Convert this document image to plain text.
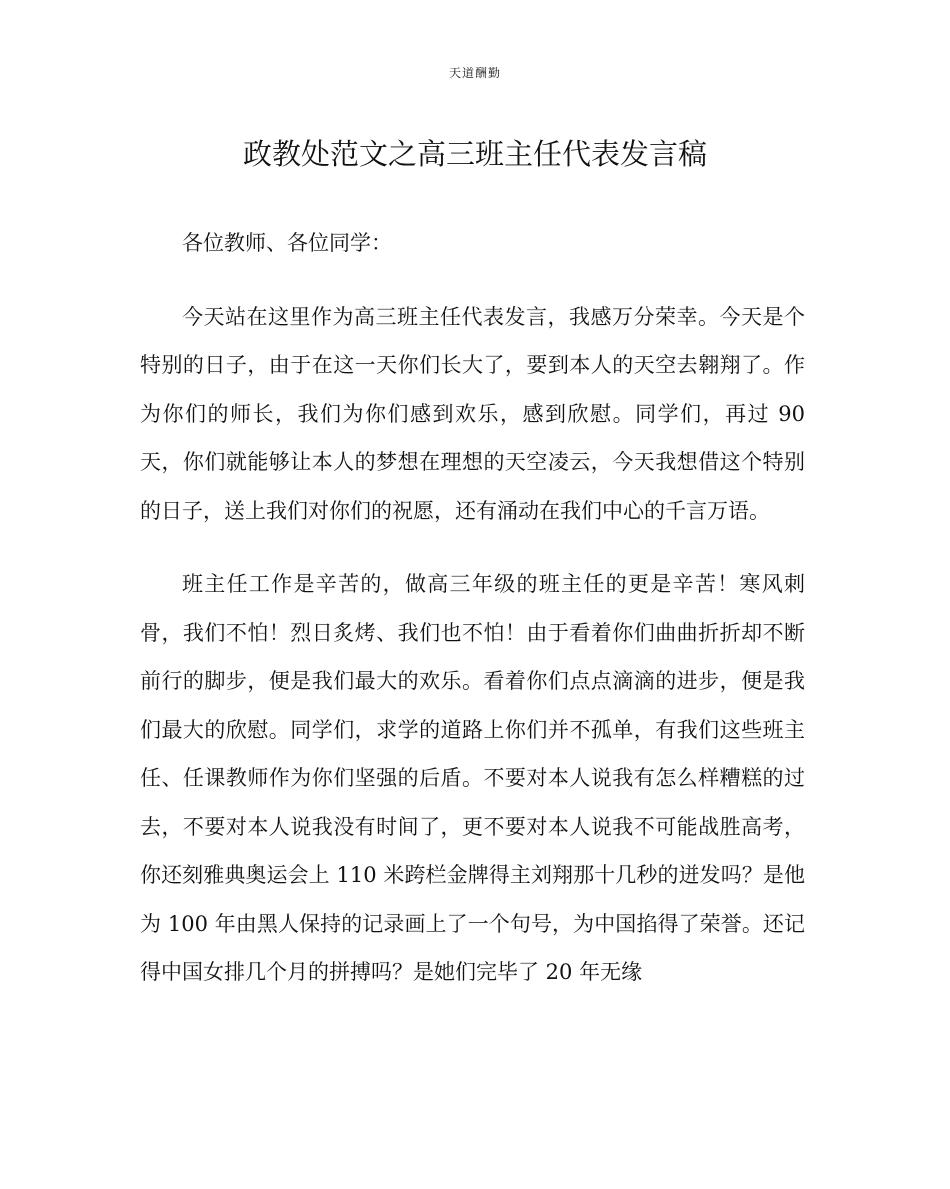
天道酬勤
政教处范文之高三班主任代表发言稿

各位教师、各位同学：

今天站在这里作为高三班主任代表发言，我感万分荣幸。今天是个特别的日子，由于在这一天你们长大了，要到本人的天空去翱翔了。作为你们的师长，我们为你们感到欢乐，感到欣慰。同学们，再过 90 天，你们就能够让本人的梦想在理想的天空凌云，今天我想借这个特别的日子，送上我们对你们的祝愿，还有涌动在我们中心的千言万语。

班主任工作是辛苦的，做高三年级的班主任的更是辛苦！寒风刺骨，我们不怕！烈日炙烤、我们也不怕！由于看着你们曲曲折折却不断前行的脚步，便是我们最大的欢乐。看着你们点点滴滴的进步，便是我们最大的欣慰。同学们，求学的道路上你们并不孤单，有我们这些班主任、任课教师作为你们坚强的后盾。不要对本人说我有怎么样糟糕的过去，不要对本人说我没有时间了，更不要对本人说我不可能战胜高考，你还刻雅典奥运会上 110 米跨栏金牌得主刘翔那十几秒的迸发吗？是他为 100 年由黑人保持的记录画上了一个句号，为中国掐得了荣誉。还记得中国女排几个月的拼搏吗？是她们完毕了 20 年无缘
